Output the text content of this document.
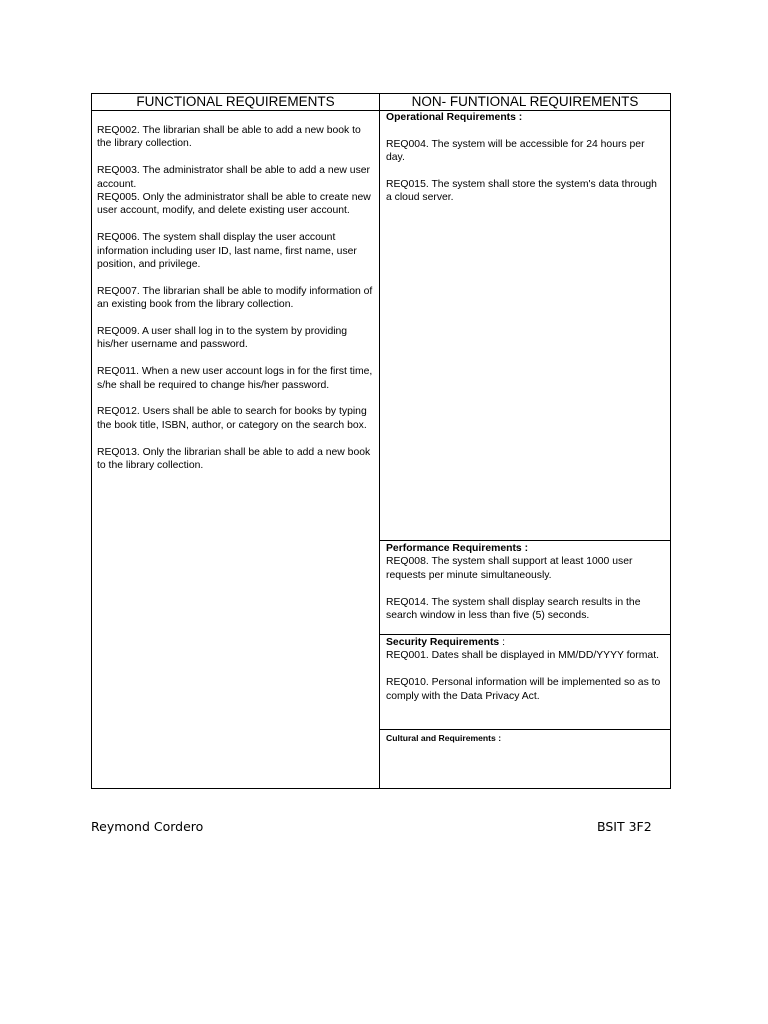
FUNCTIONAL REQUIREMENTS

REQ002. The librarian shall be able to add a new book to the library collection.

REQ003. The administrator shall be able to add a new user account.

REQ005. Only the administrator shall be able to create new user account, modify, and delete existing user account.

REQ006. The system shall display the user account information including user ID, last name, first name, user position, and privilege.

REQ007. The librarian shall be able to modify information of an existing book from the library collection.

REQ009. A user shall log in to the system by providing his/her username and password.

REQ011. When a new user account logs in for the first time, s/he shall be required to change his/her password.

REQ012. Users shall be able to search for books by typing the book title, ISBN, author, or category on the search box.

REQ013. Only the librarian shall be able to add a new book to the library collection.

NON- FUNTIONAL REQUIREMENTS
Operational Requirements :

REQ004. The system will be accessible for 24 hours per day.

REQ015. The system shall store the system's data through a cloud server.

Performance Requirements :

REQ008. The system shall support at least 1000 user requests per minute simultaneously.

REQ014. The system shall display search results in the search window in less than five (5) seconds.

Security Requirements :

REQ001. Dates shall be displayed in MM/DD/YYYY format.

REQ010. Personal information will be implemented so as to comply with the Data Privacy Act.

Cultural and Requirements :
Reymond Cordero	BSIT 3F2
